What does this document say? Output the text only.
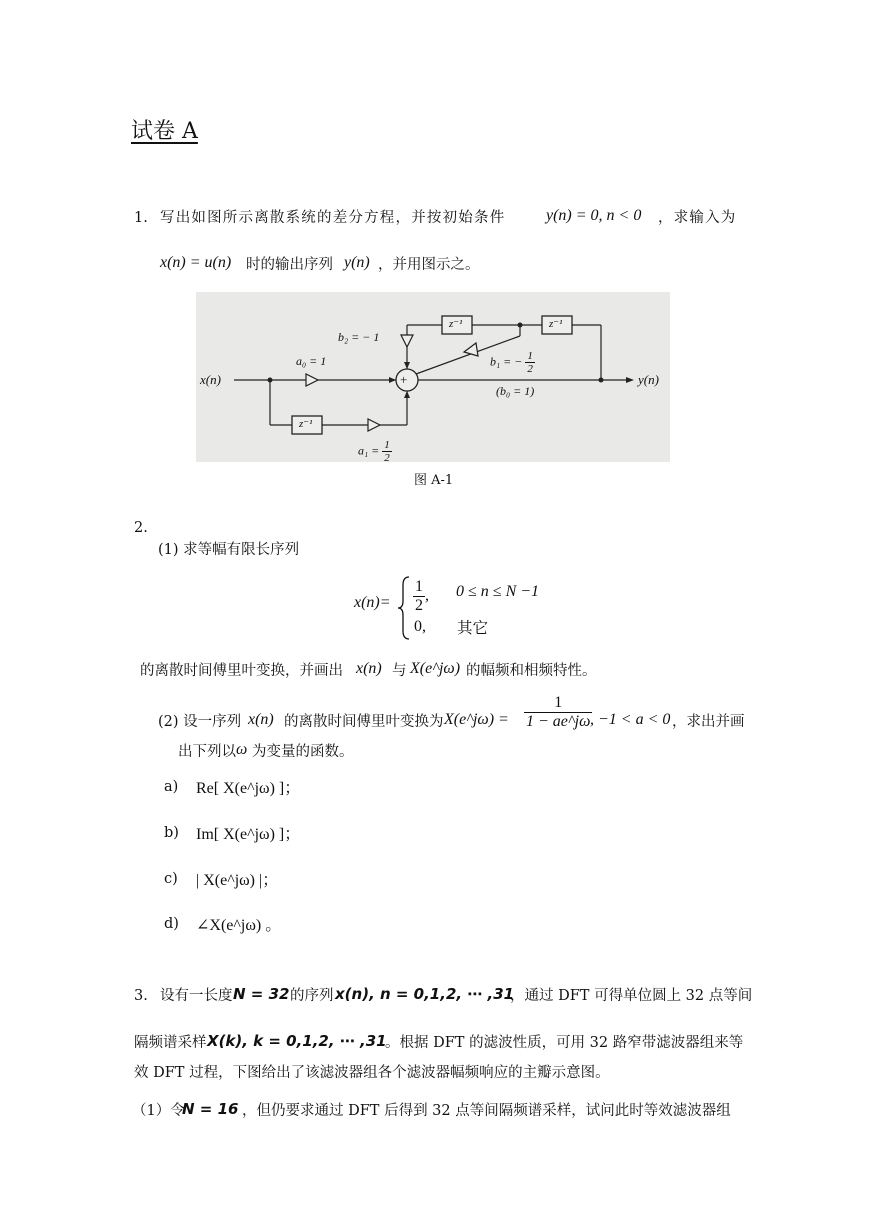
试卷 A
1. 写出如图所示离散系统的差分方程，并按初始条件	y(n) = 0, n < 0 ，求输入为
x(n) = u(n) 时的输出序列 y(n) ，并用图示之。
x(n)	y(n)
+
z⁻¹	z⁻¹
z⁻¹
a₀ = 1
$a_1 = \frac{1}{2}$
b₂ = − 1
b₁ = − $\frac{1}{2}$
(b₀ = 1)
图 A-1
2.
(1) 求等幅有限长序列
$x(n)= \frac{1}{2}$ , 0 ≤ n ≤ N −1
0, 其它
的离散时间傅里叶变换，并画出 x(n) 与 X(e^jω) 的幅频和相频特性。
(2) 设一序列 x(n) 的离散时间傅里叶变换为 X(e^jω) = $\frac{1}{1 - ae\^{}j\omega}$
, −1 < a < 0 ，求出并画
出下列以 ω 为变量的函数。
a) Re[ X(e^jω) ]；
b) Im[ X(e^jω) ]；
c) | X(e^jω) |；
d) ∠X(e^jω) 。
3. 设有一长度 N = 32 的序列 x(n), n = 0,1,2, ⋯ ,31
，通过 DFT 可得单位圆上 32 点等间
隔频谱采样 X(k), k = 0,1,2, ⋯ ,31
。根据 DFT 的滤波性质，可用 32 路窄带滤波器组来等
效 DFT 过程，下图给出了该滤波器组各个滤波器幅频响应的主瓣示意图。
（1）令
N = 16 ，但仍要求通过 DFT 后得到 32 点等间隔频谱采样，试问此时等效滤波器组
